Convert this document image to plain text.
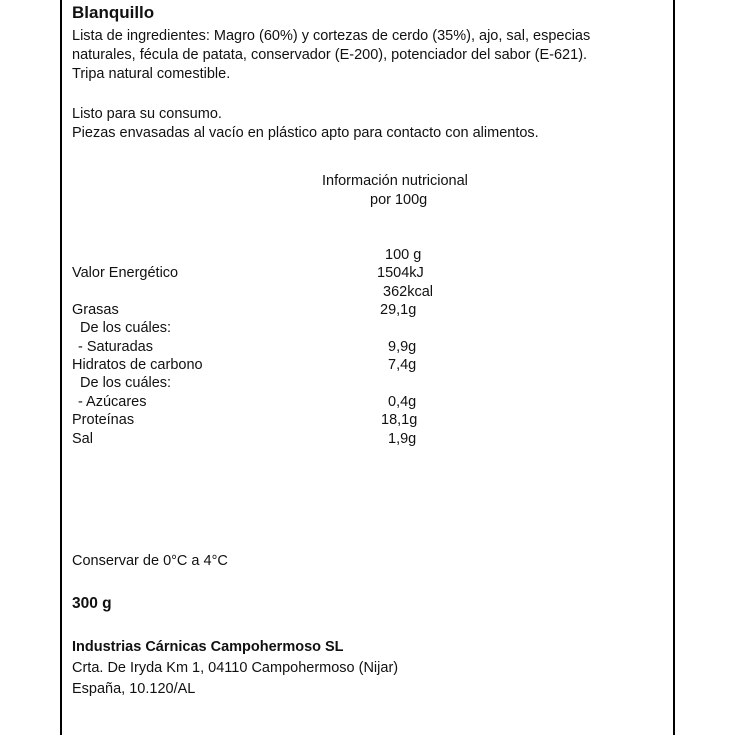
Blanquillo
Lista de ingredientes: Magro (60%) y cortezas de cerdo (35%), ajo, sal, especias
naturales, fécula de patata, conservador (E-200), potenciador del sabor (E-621).
Tripa natural comestible.
Listo para su consumo.
Piezas envasadas al vacío en plástico apto para contacto con alimentos.
Información nutricional
por 100g
100 g
Valor Energético	1504kJ
362kcal
Grasas	29,1g
De los cuáles:
- Saturadas	9,9g
Hidratos de carbono	7,4g
De los cuáles:
- Azúcares	0,4g
Proteínas	18,1g
Sal	1,9g
Conservar de 0°C a 4°C
300 g
Industrias Cárnicas Campohermoso SL
Crta. De Iryda Km 1, 04110 Campohermoso (Nijar)
España, 10.120/AL
